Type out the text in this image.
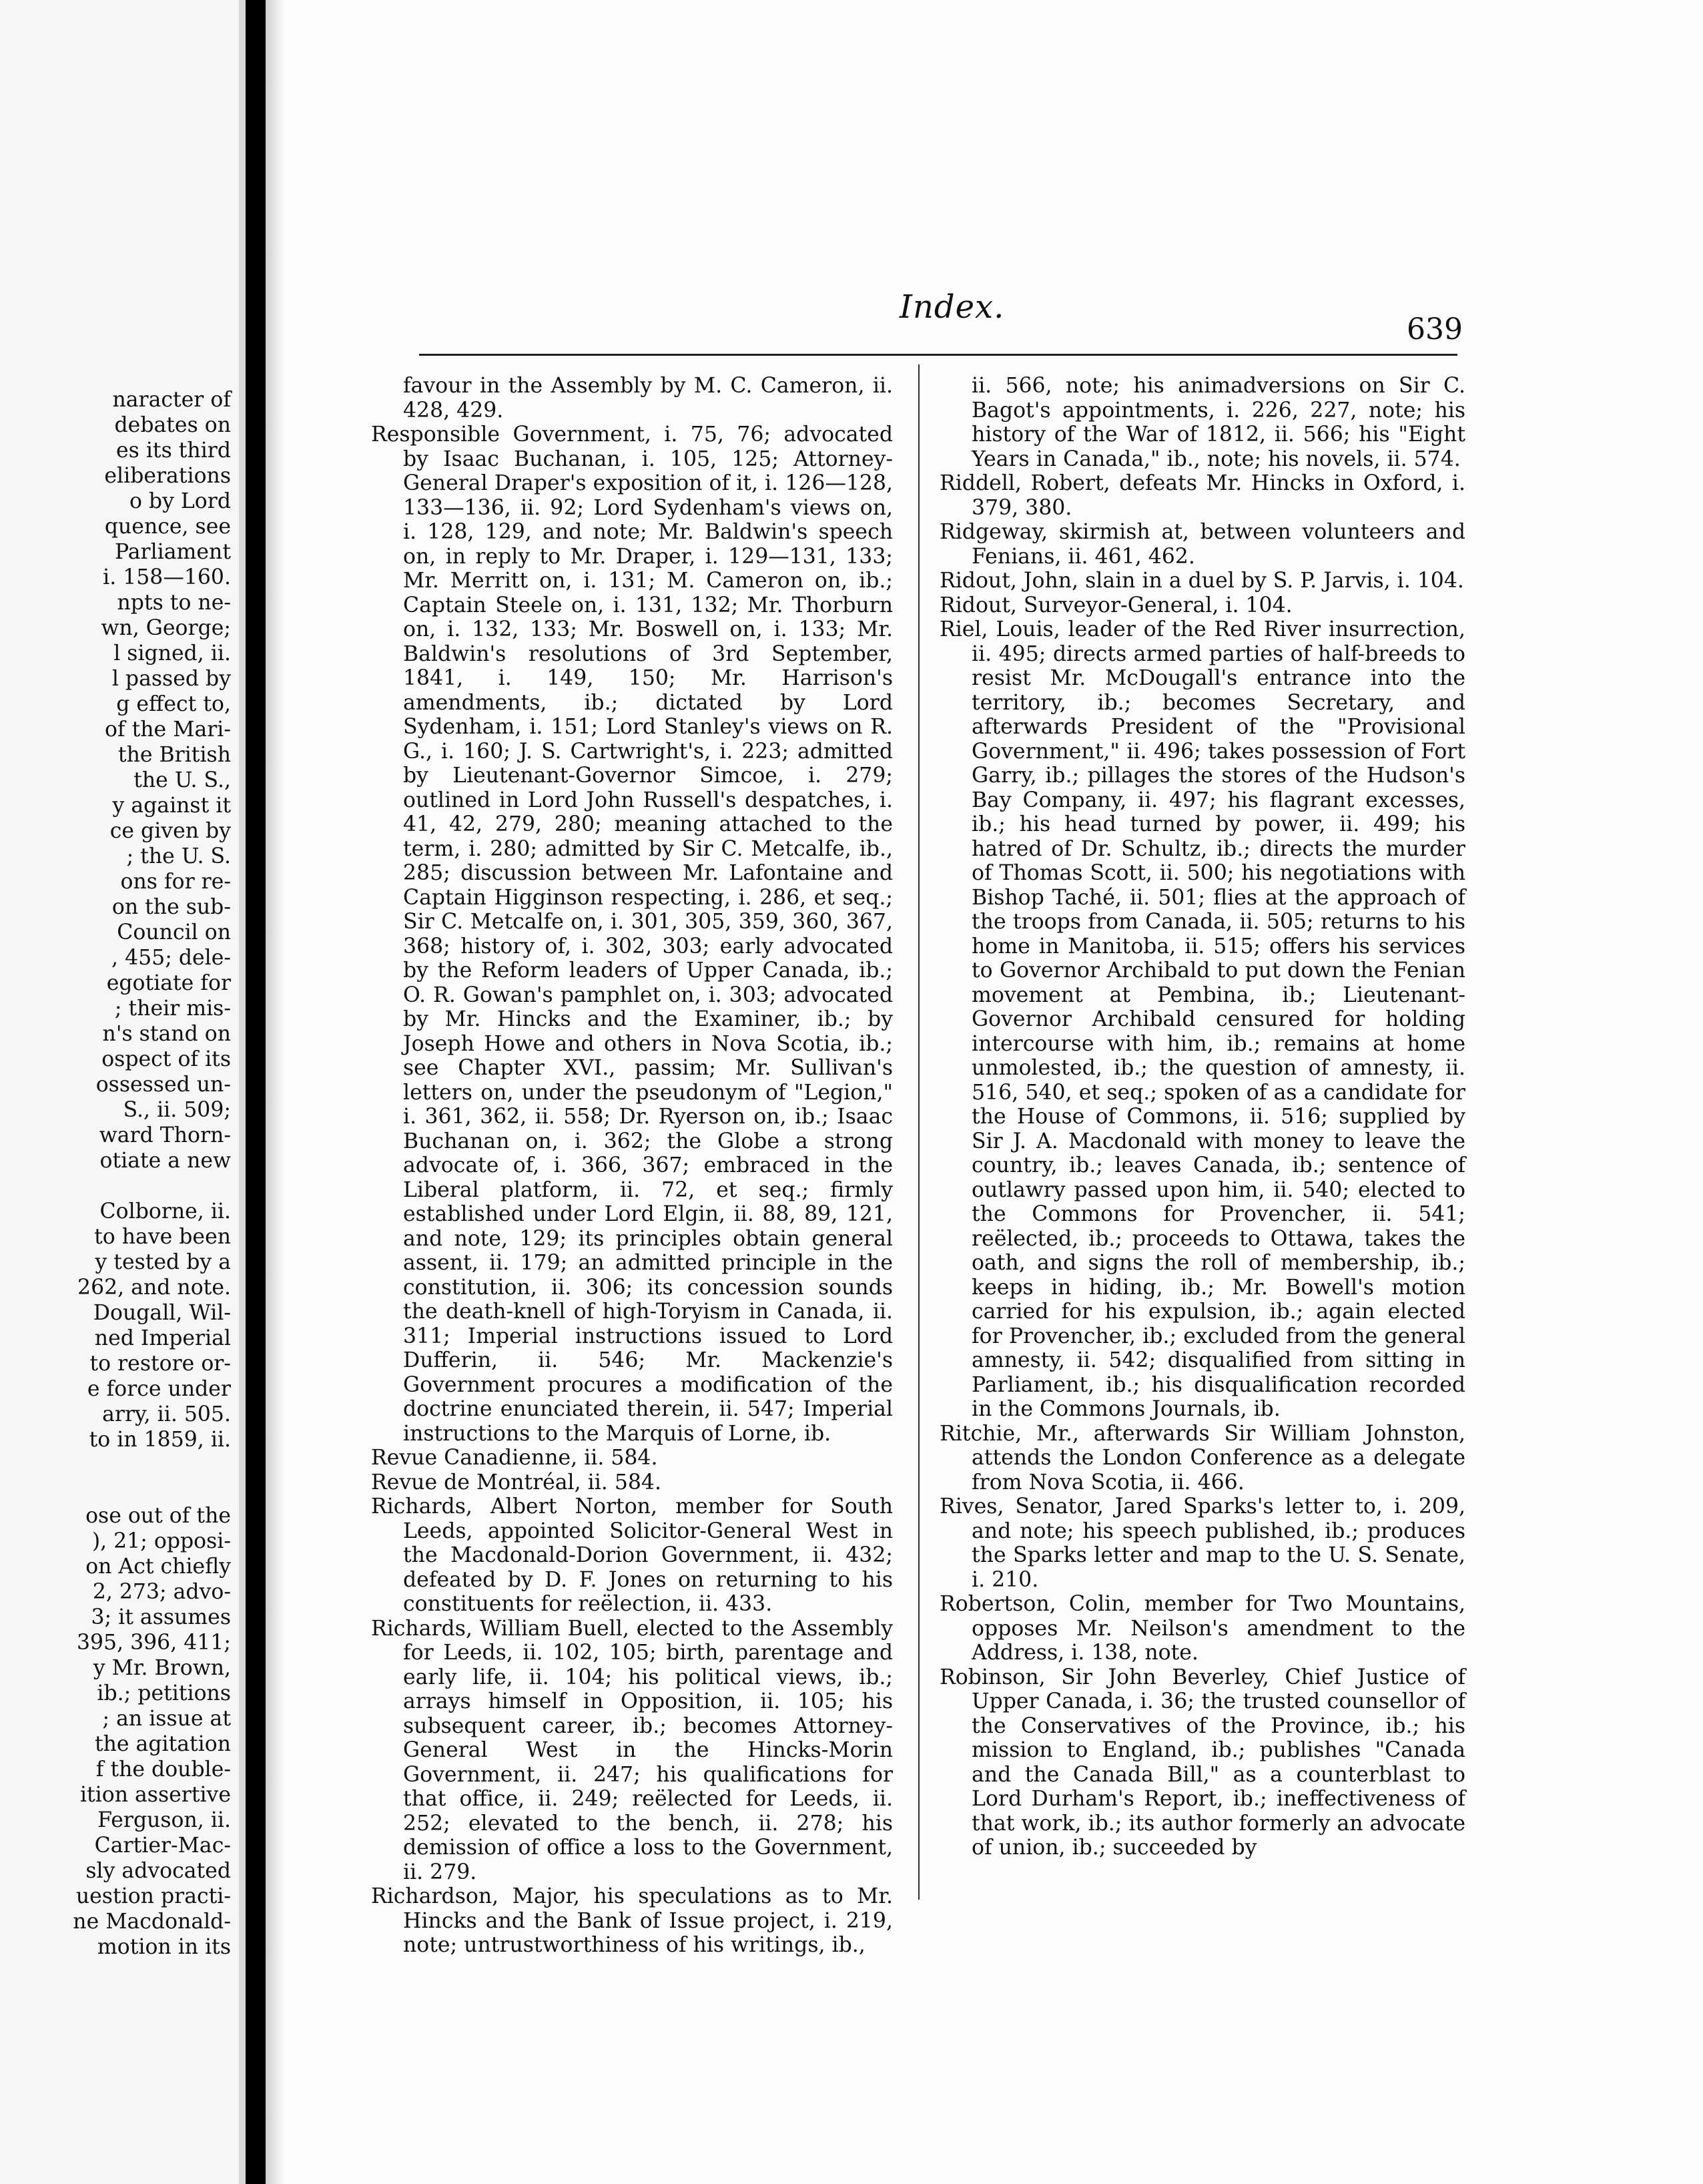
naracter of
debates on
es its third
eliberations
o by Lord
quence, see
Parliament
i. 158—160.
npts to ne-
wn, George;
l signed, ii.
l passed by
g effect to,
of the Mari-
the British
the U. S.,
y against it
ce given by
; the U. S.
ons for re-
on the sub-
Council on
, 455; dele-
egotiate for
; their mis-
n's stand on
ospect of its
ossessed un-
S., ii. 509;
ward Thorn-
otiate a new

Colborne, ii.
to have been
y tested by a
262, and note.
Dougall, Wil-
ned Imperial
to restore or-
e force under
arry, ii. 505.
to in 1859, ii.

ose out of the
), 21; opposi-
on Act chiefly
2, 273; advo-
3; it assumes
395, 396, 411;
y Mr. Brown,
ib.; petitions
; an issue at
the agitation
f the double-
ition assertive
Ferguson, ii.
Cartier-Mac-
sly advocated
uestion practi-
ne Macdonald-
motion in its
Index.
639

favour in the Assembly by M. C. Cameron, ii. 428, 429.

Responsible Government, i. 75, 76; advocated by Isaac Buchanan, i. 105, 125; Attorney-General Draper's exposition of it, i. 126—128, 133—136, ii. 92; Lord Sydenham's views on, i. 128, 129, and note; Mr. Baldwin's speech on, in reply to Mr. Draper, i. 129—131, 133; Mr. Merritt on, i. 131; M. Cameron on, ib.; Captain Steele on, i. 131, 132; Mr. Thorburn on, i. 132, 133; Mr. Boswell on, i. 133; Mr. Baldwin's resolutions of 3rd September, 1841, i. 149, 150; Mr. Harrison's amendments, ib.; dictated by Lord Sydenham, i. 151; Lord Stanley's views on R. G., i. 160; J. S. Cartwright's, i. 223; admitted by Lieutenant-Governor Simcoe, i. 279; outlined in Lord John Russell's despatches, i. 41, 42, 279, 280; meaning attached to the term, i. 280; admitted by Sir C. Metcalfe, ib., 285; discussion between Mr. Lafontaine and Captain Higginson respecting, i. 286, et seq.; Sir C. Metcalfe on, i. 301, 305, 359, 360, 367, 368; history of, i. 302, 303; early advocated by the Reform leaders of Upper Canada, ib.; O. R. Gowan's pamphlet on, i. 303; advocated by Mr. Hincks and the Examiner, ib.; by Joseph Howe and others in Nova Scotia, ib.; see Chapter XVI., passim; Mr. Sullivan's letters on, under the pseudonym of "Legion," i. 361, 362, ii. 558; Dr. Ryerson on, ib.; Isaac Buchanan on, i. 362; the Globe a strong advocate of, i. 366, 367; embraced in the Liberal platform, ii. 72, et seq.; firmly established under Lord Elgin, ii. 88, 89, 121, and note, 129; its principles obtain general assent, ii. 179; an admitted principle in the constitution, ii. 306; its concession sounds the death-knell of high-Toryism in Canada, ii. 311; Imperial instructions issued to Lord Dufferin, ii. 546; Mr. Mackenzie's Government procures a modification of the doctrine enunciated therein, ii. 547; Imperial instructions to the Marquis of Lorne, ib.

Revue Canadienne, ii. 584.

Revue de Montréal, ii. 584.

Richards, Albert Norton, member for South Leeds, appointed Solicitor-General West in the Macdonald-Dorion Government, ii. 432; defeated by D. F. Jones on returning to his constituents for reëlection, ii. 433.

Richards, William Buell, elected to the Assembly for Leeds, ii. 102, 105; birth, parentage and early life, ii. 104; his political views, ib.; arrays himself in Opposition, ii. 105; his subsequent career, ib.; becomes Attorney-General West in the Hincks-Morin Government, ii. 247; his qualifications for that office, ii. 249; reëlected for Leeds, ii. 252; elevated to the bench, ii. 278; his demission of office a loss to the Government, ii. 279.

Richardson, Major, his speculations as to Mr. Hincks and the Bank of Issue project, i. 219, note; untrustworthiness of his writings, ib.,

ii. 566, note; his animadversions on Sir C. Bagot's appointments, i. 226, 227, note; his history of the War of 1812, ii. 566; his "Eight Years in Canada," ib., note; his novels, ii. 574.

Riddell, Robert, defeats Mr. Hincks in Oxford, i. 379, 380.

Ridgeway, skirmish at, between volunteers and Fenians, ii. 461, 462.

Ridout, John, slain in a duel by S. P. Jarvis, i. 104.

Ridout, Surveyor-General, i. 104.

Riel, Louis, leader of the Red River insurrection, ii. 495; directs armed parties of half-breeds to resist Mr. McDougall's entrance into the territory, ib.; becomes Secretary, and afterwards President of the "Provisional Government," ii. 496; takes possession of Fort Garry, ib.; pillages the stores of the Hudson's Bay Company, ii. 497; his flagrant excesses, ib.; his head turned by power, ii. 499; his hatred of Dr. Schultz, ib.; directs the murder of Thomas Scott, ii. 500; his negotiations with Bishop Taché, ii. 501; flies at the approach of the troops from Canada, ii. 505; returns to his home in Manitoba, ii. 515; offers his services to Governor Archibald to put down the Fenian movement at Pembina, ib.; Lieutenant-Governor Archibald censured for holding intercourse with him, ib.; remains at home unmolested, ib.; the question of amnesty, ii. 516, 540, et seq.; spoken of as a candidate for the House of Commons, ii. 516; supplied by Sir J. A. Macdonald with money to leave the country, ib.; leaves Canada, ib.; sentence of outlawry passed upon him, ii. 540; elected to the Commons for Provencher, ii. 541; reëlected, ib.; proceeds to Ottawa, takes the oath, and signs the roll of membership, ib.; keeps in hiding, ib.; Mr. Bowell's motion carried for his expulsion, ib.; again elected for Provencher, ib.; excluded from the general amnesty, ii. 542; disqualified from sitting in Parliament, ib.; his disqualification recorded in the Commons Journals, ib.

Ritchie, Mr., afterwards Sir William Johnston, attends the London Conference as a delegate from Nova Scotia, ii. 466.

Rives, Senator, Jared Sparks's letter to, i. 209, and note; his speech published, ib.; produces the Sparks letter and map to the U. S. Senate, i. 210.

Robertson, Colin, member for Two Mountains, opposes Mr. Neilson's amendment to the Address, i. 138, note.

Robinson, Sir John Beverley, Chief Justice of Upper Canada, i. 36; the trusted counsellor of the Conservatives of the Province, ib.; his mission to England, ib.; publishes "Canada and the Canada Bill," as a counterblast to Lord Durham's Report, ib.; ineffectiveness of that work, ib.; its author formerly an advocate of union, ib.; succeeded by
